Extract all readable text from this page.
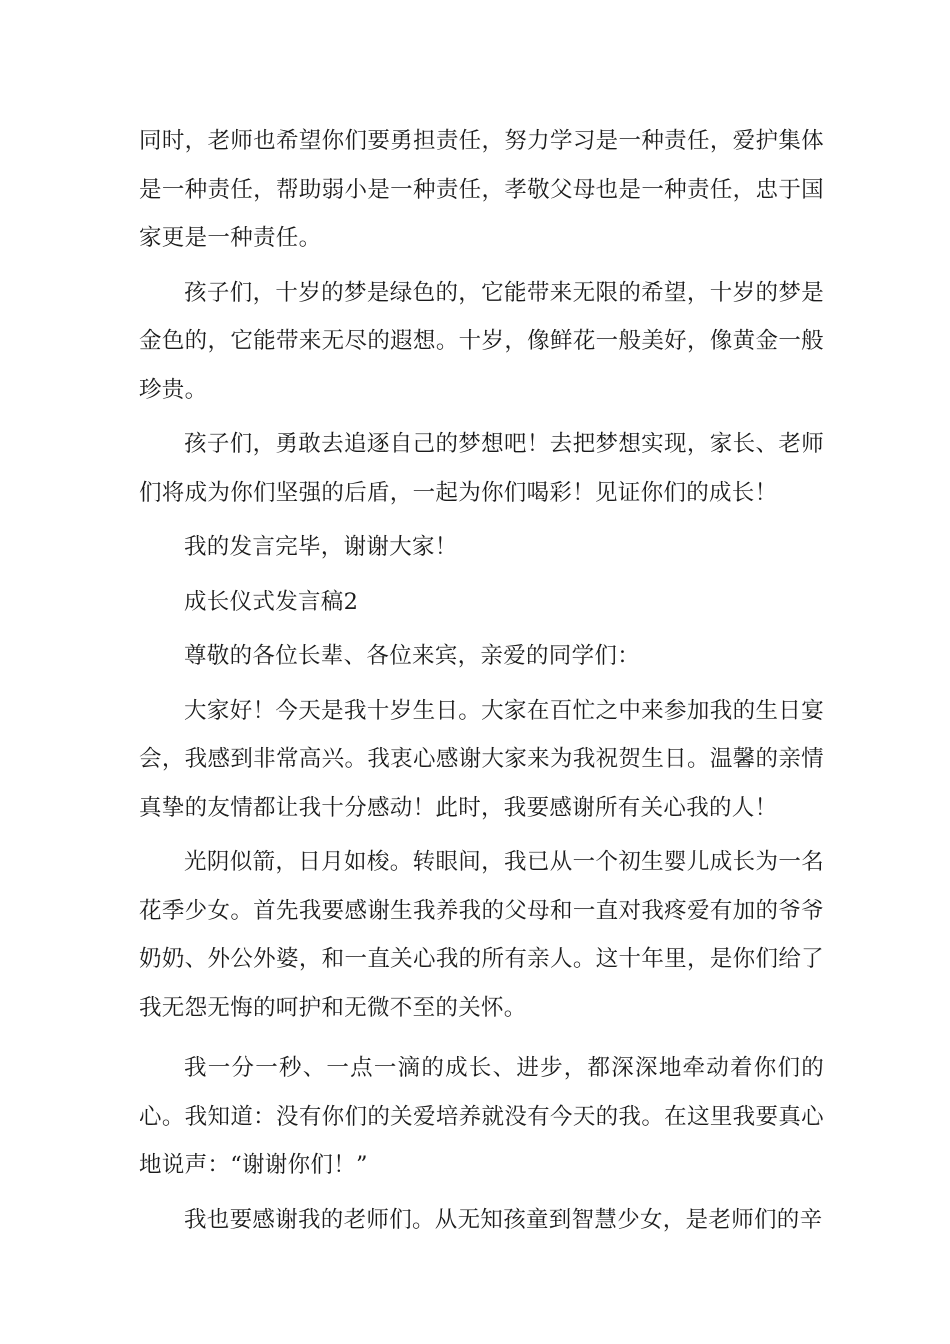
同时，老师也希望你们要勇担责任，努力学习是一种责任，爱护集体是一种责任，帮助弱小是一种责任，孝敬父母也是一种责任，忠于国家更是一种责任。

孩子们，十岁的梦是绿色的，它能带来无限的希望，十岁的梦是金色的，它能带来无尽的遐想。十岁，像鲜花一般美好，像黄金一般珍贵。

孩子们，勇敢去追逐自己的梦想吧！去把梦想实现，家长、老师们将成为你们坚强的后盾，一起为你们喝彩！见证你们的成长！

我的发言完毕，谢谢大家！

成长仪式发言稿2

尊敬的各位长辈、各位来宾，亲爱的同学们：

大家好！今天是我十岁生日。大家在百忙之中来参加我的生日宴会，我感到非常高兴。我衷心感谢大家来为我祝贺生日。温馨的亲情真挚的友情都让我十分感动！此时，我要感谢所有关心我的人！

光阴似箭，日月如梭。转眼间，我已从一个初生婴儿成长为一名花季少女。首先我要感谢生我养我的父母和一直对我疼爱有加的爷爷奶奶、外公外婆，和一直关心我的所有亲人。这十年里，是你们给了我无怨无悔的呵护和无微不至的关怀。

我一分一秒、一点一滴的成长、进步，都深深地牵动着你们的心。我知道：没有你们的关爱培养就没有今天的我。在这里我要真心地说声：“谢谢你们！”

我也要感谢我的老师们。从无知孩童到智慧少女，是老师们的辛
